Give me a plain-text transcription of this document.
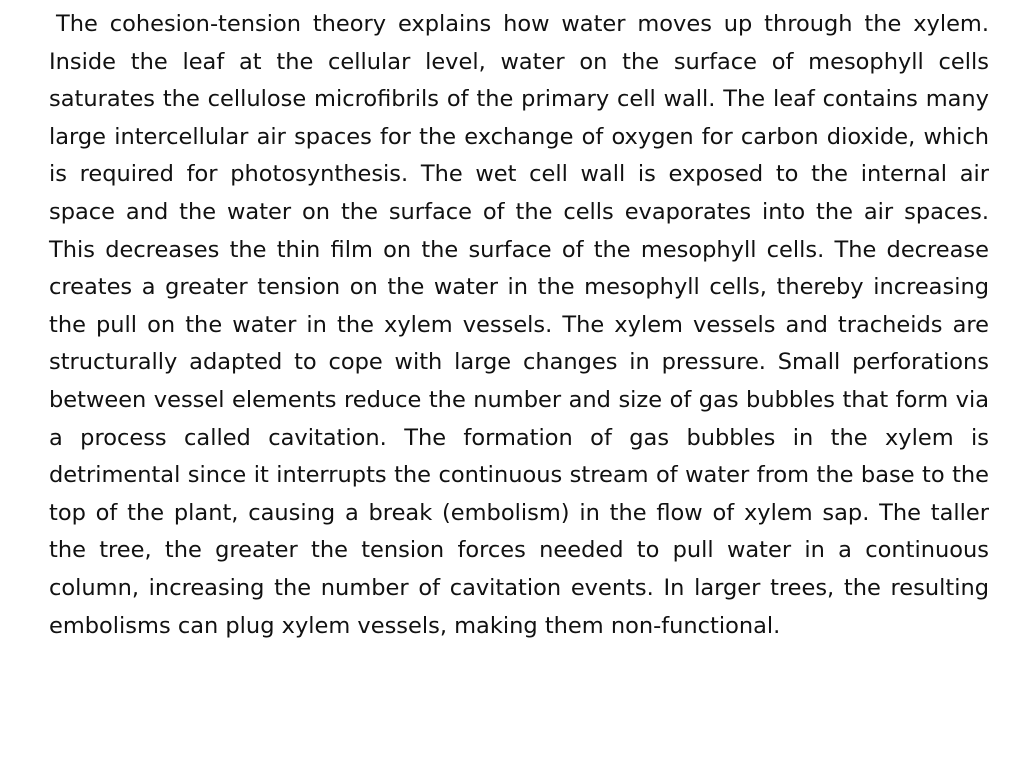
The cohesion-tension theory explains how water moves up through the xylem. Inside the leaf at the cellular level, water on the surface of mesophyll cells saturates the cellulose microfibrils of the primary cell wall. The leaf contains many large intercellular air spaces for the exchange of oxygen for carbon dioxide, which is required for photosynthesis. The wet cell wall is exposed to the internal air space and the water on the surface of the cells evaporates into the air spaces. This decreases the thin film on the surface of the mesophyll cells. The decrease creates a greater tension on the water in the mesophyll cells, thereby increasing the pull on the water in the xylem vessels. The xylem vessels and tracheids are structurally adapted to cope with large changes in pressure. Small perforations between vessel elements reduce the number and size of gas bubbles that form via a process called cavitation. The formation of gas bubbles in the xylem is detrimental since it interrupts the continuous stream of water from the base to the top of the plant, causing a break (embolism) in the flow of xylem sap. The taller the tree, the greater the tension forces needed to pull water in a continuous column, increasing the number of cavitation events. In larger trees, the resulting embolisms can plug xylem vessels, making them non-functional.
